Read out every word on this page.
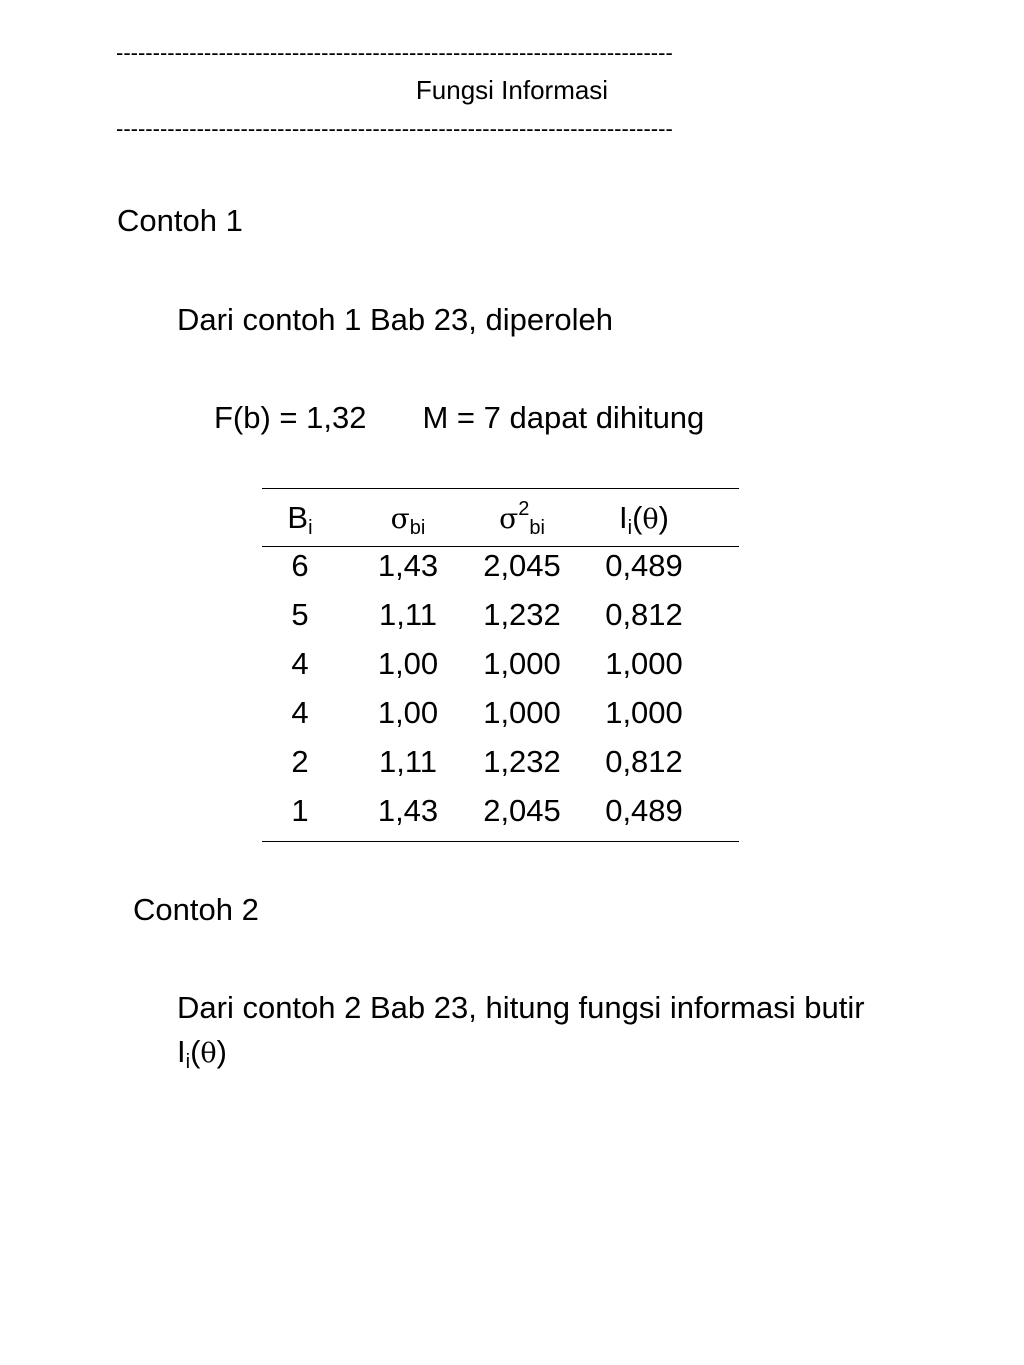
----------------------------------------------------------------------------
Fungsi Informasi
----------------------------------------------------------------------------
Contoh 1
Dari contoh 1 Bab 23, diperoleh
F(b) = 1,32 M = 7 dapat dihitung
$B_i$	$\sigma_{bi}$	$\sigma^2_{bi}$	$I_i(\theta)$
6	1,43	2,045	0,489
5	1,11	1,232	0,812
4	1,00	1,000	1,000
4	1,00	1,000	1,000
2	1,11	1,232	0,812
1	1,43	2,045	0,489
Contoh 2
Dari contoh 2 Bab 23, hitung fungsi informasi butir
$I_i(\theta)$
